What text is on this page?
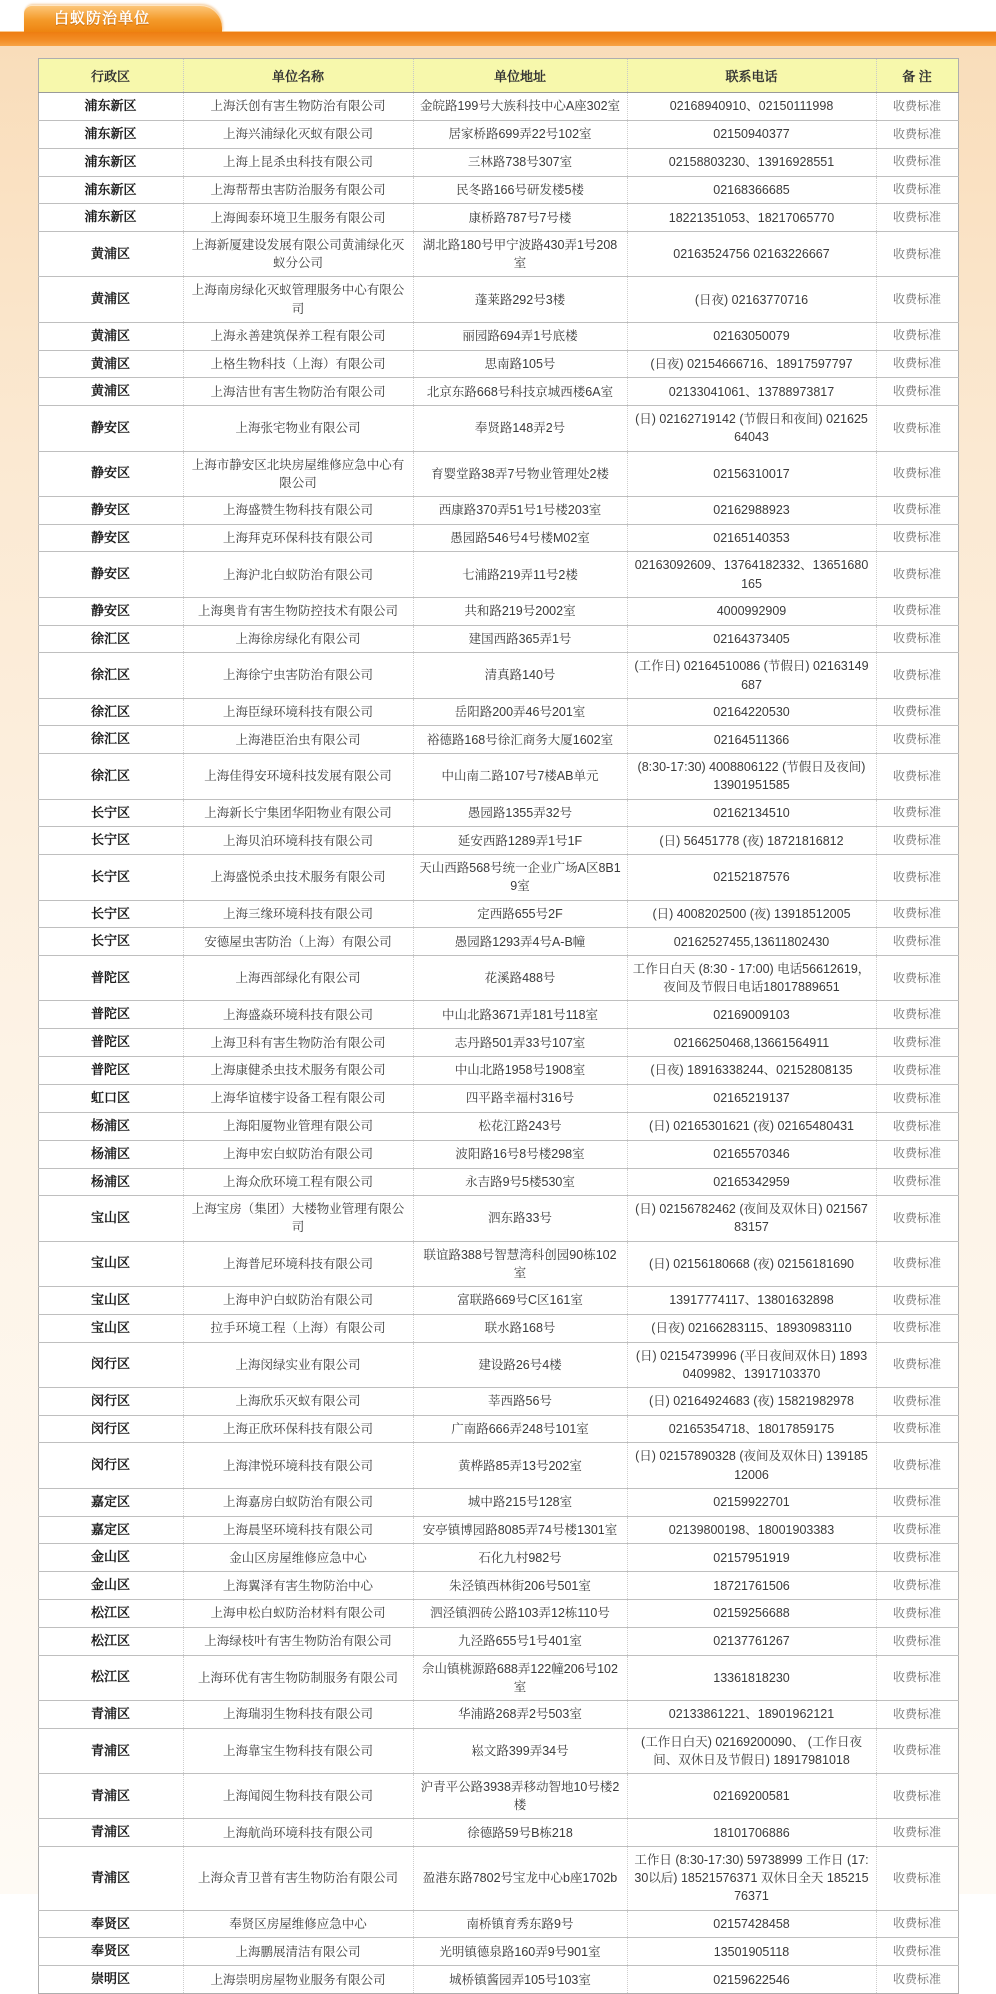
白蚁防治单位
行政区	单位名称	单位地址	联系电话	备 注
浦东新区	上海沃创有害生物防治有限公司	金皖路199号大族科技中心A座302室	02168940910、02150111998	收费标准
浦东新区	上海兴浦绿化灭蚁有限公司	居家桥路699弄22号102室	02150940377	收费标准
浦东新区	上海上昆杀虫科技有限公司	三林路738号307室	02158803230、13916928551	收费标准
浦东新区	上海帮帮虫害防治服务有限公司	民冬路166号研发楼5楼	02168366685	收费标准
浦东新区	上海闽泰环境卫生服务有限公司	康桥路787号7号楼	18221351053、18217065770	收费标准
黄浦区	上海新厦建设发展有限公司黄浦绿化灭蚁分公司	湖北路180号甲宁波路430弄1号208室	02163524756 02163226667	收费标准
黄浦区	上海南房绿化灭蚁管理服务中心有限公司	蓬莱路292号3楼	(日夜) 02163770716	收费标准
黄浦区	上海永善建筑保养工程有限公司	丽园路694弄1号底楼	02163050079	收费标准
黄浦区	上格生物科技（上海）有限公司	思南路105号	(日夜) 02154666716、18917597797	收费标准
黄浦区	上海洁世有害生物防治有限公司	北京东路668号科技京城西楼6A室	02133041061、13788973817	收费标准
静安区	上海张宅物业有限公司	奉贤路148弄2号	(日) 02162719142 (节假日和夜间) 02162564043	收费标准
静安区	上海市静安区北块房屋维修应急中心有限公司	育婴堂路38弄7号物业管理处2楼	02156310017	收费标准
静安区	上海盛赞生物科技有限公司	西康路370弄51号1号楼203室	02162988923	收费标准
静安区	上海拜克环保科技有限公司	愚园路546号4号楼M02室	02165140353	收费标准
静安区	上海沪北白蚁防治有限公司	七浦路219弄11号2楼	02163092609、13764182332、13651680165	收费标准
静安区	上海奥肯有害生物防控技术有限公司	共和路219号2002室	4000992909	收费标准
徐汇区	上海徐房绿化有限公司	建国西路365弄1号	02164373405	收费标准
徐汇区	上海徐宁虫害防治有限公司	清真路140号	(工作日) 02164510086 (节假日) 02163149687	收费标准
徐汇区	上海臣绿环境科技有限公司	岳阳路200弄46号201室	02164220530	收费标准
徐汇区	上海港臣治虫有限公司	裕德路168号徐汇商务大厦1602室	02164511366	收费标准
徐汇区	上海佳得安环境科技发展有限公司	中山南二路107号7楼AB单元	(8:30-17:30) 4008806122 (节假日及夜间) 13901951585	收费标准
长宁区	上海新长宁集团华阳物业有限公司	愚园路1355弄32号	02162134510	收费标准
长宁区	上海贝泊环境科技有限公司	延安西路1289弄1号1F	(日) 56451778 (夜) 18721816812	收费标准
长宁区	上海盛悦杀虫技术服务有限公司	天山西路568号统一企业广场A区8B19室	02152187576	收费标准
长宁区	上海三缘环境科技有限公司	定西路655号2F	(日) 4008202500 (夜) 13918512005	收费标准
长宁区	安德屋虫害防治（上海）有限公司	愚园路1293弄4号A-B幢	02162527455,13611802430	收费标准
普陀区	上海西部绿化有限公司	花溪路488号	工作日白天 (8:30 - 17:00) 电话56612619，夜间及节假日电话18017889651	收费标准
普陀区	上海盛焱环境科技有限公司	中山北路3671弄181号118室	02169009103	收费标准
普陀区	上海卫科有害生物防治有限公司	志丹路501弄33号107室	02166250468,13661564911	收费标准
普陀区	上海康健杀虫技术服务有限公司	中山北路1958号1908室	(日夜) 18916338244、02152808135	收费标准
虹口区	上海华谊楼宇设备工程有限公司	四平路幸福村316号	02165219137	收费标准
杨浦区	上海阳厦物业管理有限公司	松花江路243号	(日) 02165301621 (夜) 02165480431	收费标准
杨浦区	上海申宏白蚁防治有限公司	波阳路16号8号楼298室	02165570346	收费标准
杨浦区	上海众欣环境工程有限公司	永吉路9号5楼530室	02165342959	收费标准
宝山区	上海宝房（集团）大楼物业管理有限公司	泗东路33号	(日) 02156782462 (夜间及双休日) 02156783157	收费标准
宝山区	上海普尼环境科技有限公司	联谊路388号智慧湾科创园90栋102室	(日) 02156180668 (夜) 02156181690	收费标准
宝山区	上海申沪白蚁防治有限公司	富联路669号C区161室	13917774117、13801632898	收费标准
宝山区	拉手环境工程（上海）有限公司	联水路168号	(日夜) 02166283115、18930983110	收费标准
闵行区	上海闵绿实业有限公司	建设路26号4楼	(日) 02154739996 (平日夜间双休日) 18930409982、13917103370	收费标准
闵行区	上海欣乐灭蚁有限公司	莘西路56号	(日) 02164924683 (夜) 15821982978	收费标准
闵行区	上海正欣环保科技有限公司	广南路666弄248号101室	02165354718、18017859175	收费标准
闵行区	上海津悦环境科技有限公司	黄桦路85弄13号202室	(日) 02157890328 (夜间及双休日) 13918512006	收费标准
嘉定区	上海嘉房白蚁防治有限公司	城中路215号128室	02159922701	收费标准
嘉定区	上海晨坚环境科技有限公司	安亭镇博园路8085弄74号楼1301室	02139800198、18001903383	收费标准
金山区	金山区房屋维修应急中心	石化九村982号	02157951919	收费标准
金山区	上海翼泽有害生物防治中心	朱泾镇西林街206号501室	18721761506	收费标准
松江区	上海申松白蚁防治材料有限公司	泗泾镇泗砖公路103弄12栋110号	02159256688	收费标准
松江区	上海绿枝叶有害生物防治有限公司	九泾路655号1号401室	02137761267	收费标准
松江区	上海环优有害生物防制服务有限公司	佘山镇桃源路688弄122幢206号102室	13361818230	收费标准
青浦区	上海瑞羽生物科技有限公司	华浦路268弄2号503室	02133861221、18901962121	收费标准
青浦区	上海靠宝生物科技有限公司	崧文路399弄34号	(工作日白天) 02169200090、 (工作日夜间、双休日及节假日) 18917981018	收费标准
青浦区	上海闻阅生物科技有限公司	沪青平公路3938弄移动智地10号楼2楼	02169200581	收费标准
青浦区	上海航尚环境科技有限公司	徐德路59号B栋218	18101706886	收费标准
青浦区	上海众青卫普有害生物防治有限公司	盈港东路7802号宝龙中心b座1702b	工作日 (8:30-17:30) 59738999 工作日 (17:30以后) 18521576371 双休日全天 18521576371	收费标准
奉贤区	奉贤区房屋维修应急中心	南桥镇育秀东路9号	02157428458	收费标准
奉贤区	上海鹏展清洁有限公司	光明镇德泉路160弄9号901室	13501905118	收费标准
崇明区	上海崇明房屋物业服务有限公司	城桥镇酱园弄105号103室	02159622546	收费标准
